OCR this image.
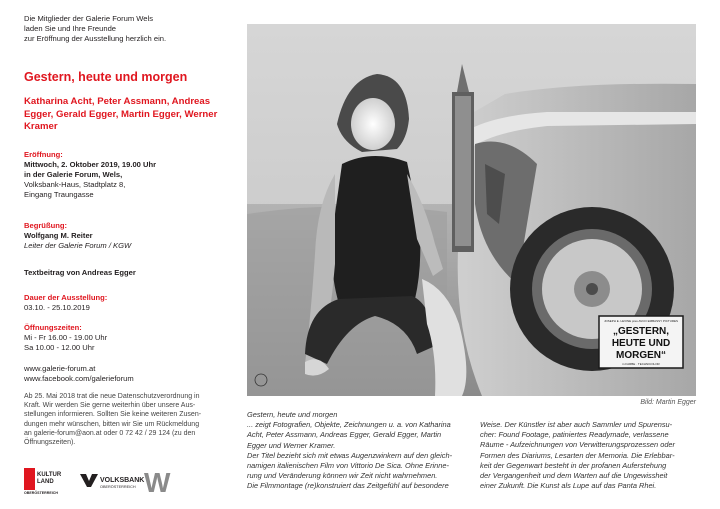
Die Mitglieder der Galerie Forum Wels
laden Sie und Ihre Freunde
zur Eröffnung der Ausstellung herzlich ein.
Gestern, heute und morgen
Katharina Acht, Peter Assmann, Andreas
Egger, Gerald Egger, Martin Egger, Werner
Kramer
Eröffnung:
Mittwoch, 2. Oktober 2019, 19.00 Uhr
in der Galerie Forum, Wels,
Volksbank-Haus, Stadtplatz 8,
Eingang Traungasse
Begrüßung:
Wolfgang M. Reiter
Leiter der Galerie Forum / KGW
Textbeitrag von Andreas Egger
Dauer der Ausstellung:
03.10. - 25.10.2019
Öffnungszeiten:
Mi - Fr 16.00 - 19.00 Uhr
Sa 10.00 - 12.00 Uhr
www.galerie-forum.at
www.facebook.com/galerieforum
Ab 25. Mai 2018 trat die neue Datenschutzverordnung in
Kraft. Wir werden Sie gerne weiterhin über unsere Aus-
stellungen informieren. Sollten Sie keine weiteren Zusen-
dungen mehr wünschen, bitten wir Sie um Rückmeldung
an galerie-forum@aon.at oder 0 72 42 / 29 124 (zu den
Öffnungszeiten).
KULTUR
LAND
OBERÖSTERREICH
VOLKSBANK
OBERÖSTERREICH W
JOSEPH E. LEVINE pres AVCO EMBASSY PICTURES
„GESTERN,
HEUTE UND
MORGEN“
in FARBE · TECHNICOLOR
Bild: Martin Egger

Gestern, heute und morgen

... zeigt Fotografien, Objekte, Zeichnungen u. a. von Katharina

Acht, Peter Assmann, Andreas Egger, Gerald Egger, Martin

Egger und Werner Kramer.

Der Titel bezieht sich mit etwas Augenzwinkern auf den gleich-

namigen italienischen Film von Vittorio De Sica. Ohne Erinne-

rung und Veränderung können wir Zeit nicht wahrnehmen.

Die Filmmontage (re)konstruiert das Zeitgefühl auf besondere

Weise. Der Künstler ist aber auch Sammler und Spurensu-

cher: Found Footage, patiniertes Readymade, verlassene

Räume - Aufzeichnungen von Verwitterungsprozessen oder

Formen des Diariums, Lesarten der Memoria. Die Erlebbar-

keit der Gegenwart besteht in der profanen Auferstehung

der Vergangenheit und dem Warten auf die Ungewissheit

einer Zukunft. Die Kunst als Lupe auf das Panta Rhei.
